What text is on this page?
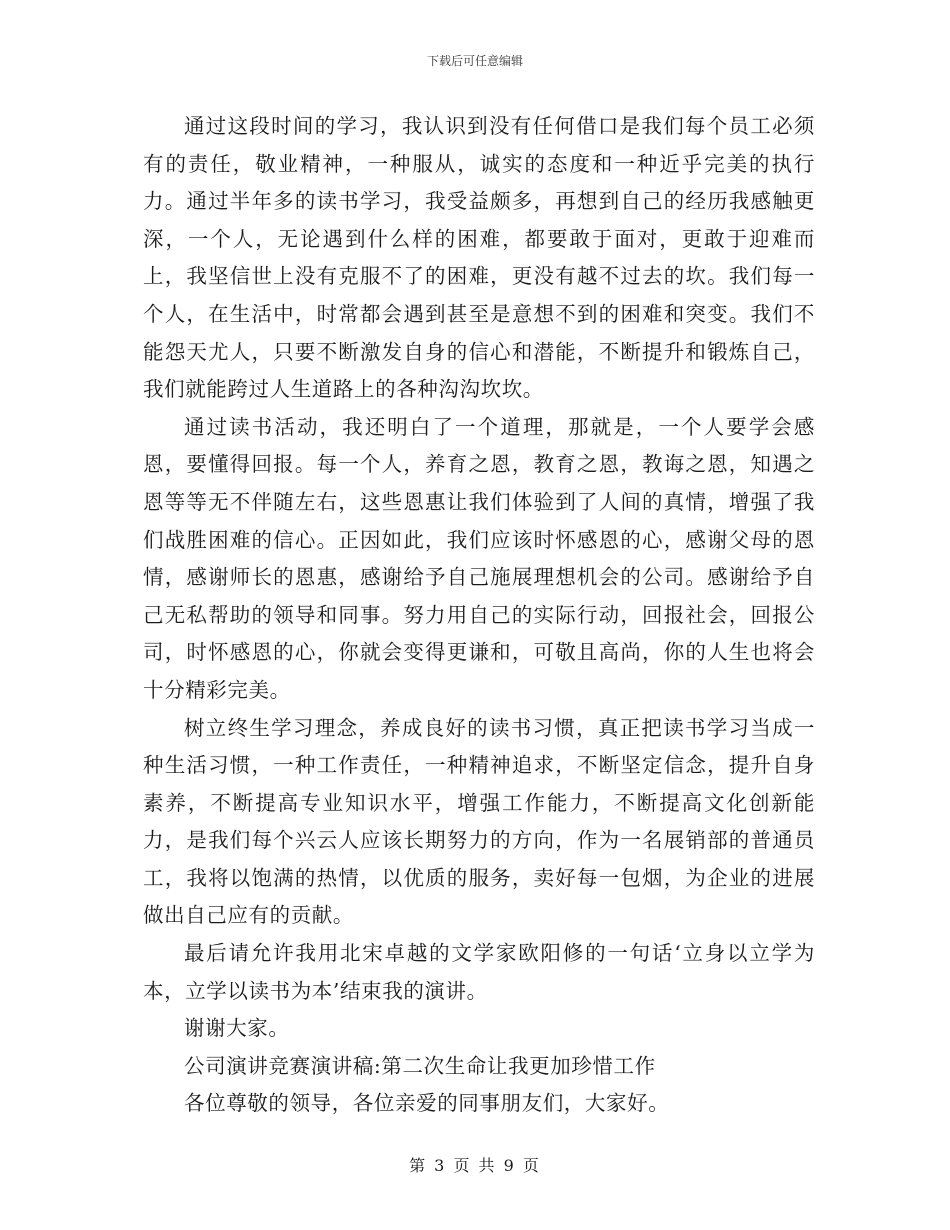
下载后可任意编辑

通过这段时间的学习，我认识到没有任何借口是我们每个员工必须有的责任，敬业精神，一种服从，诚实的态度和一种近乎完美的执行力。通过半年多的读书学习，我受益颇多，再想到自己的经历我感触更深，一个人，无论遇到什么样的困难，都要敢于面对，更敢于迎难而上，我坚信世上没有克服不了的困难，更没有越不过去的坎。我们每一个人，在生活中，时常都会遇到甚至是意想不到的困难和突变。我们不能怨天尤人，只要不断激发自身的信心和潜能，不断提升和锻炼自己，我们就能跨过人生道路上的各种沟沟坎坎。

通过读书活动，我还明白了一个道理，那就是，一个人要学会感恩，要懂得回报。每一个人，养育之恩，教育之恩，教诲之恩，知遇之恩等等无不伴随左右，这些恩惠让我们体验到了人间的真情，增强了我们战胜困难的信心。正因如此，我们应该时怀感恩的心，感谢父母的恩情，感谢师长的恩惠，感谢给予自己施展理想机会的公司。感谢给予自己无私帮助的领导和同事。努力用自己的实际行动，回报社会，回报公司，时怀感恩的心，你就会变得更谦和，可敬且高尚，你的人生也将会十分精彩完美。

树立终生学习理念，养成良好的读书习惯，真正把读书学习当成一种生活习惯，一种工作责任，一种精神追求，不断坚定信念，提升自身素养，不断提高专业知识水平，增强工作能力，不断提高文化创新能力，是我们每个兴云人应该长期努力的方向，作为一名展销部的普通员工，我将以饱满的热情，以优质的服务，卖好每一包烟，为企业的进展做出自己应有的贡献。

最后请允许我用北宋卓越的文学家欧阳修的一句话‘立身以立学为本，立学以读书为本’结束我的演讲。

谢谢大家。

公司演讲竞赛演讲稿:第二次生命让我更加珍惜工作

各位尊敬的领导，各位亲爱的同事朋友们，大家好。

第 3 页 共 9 页
